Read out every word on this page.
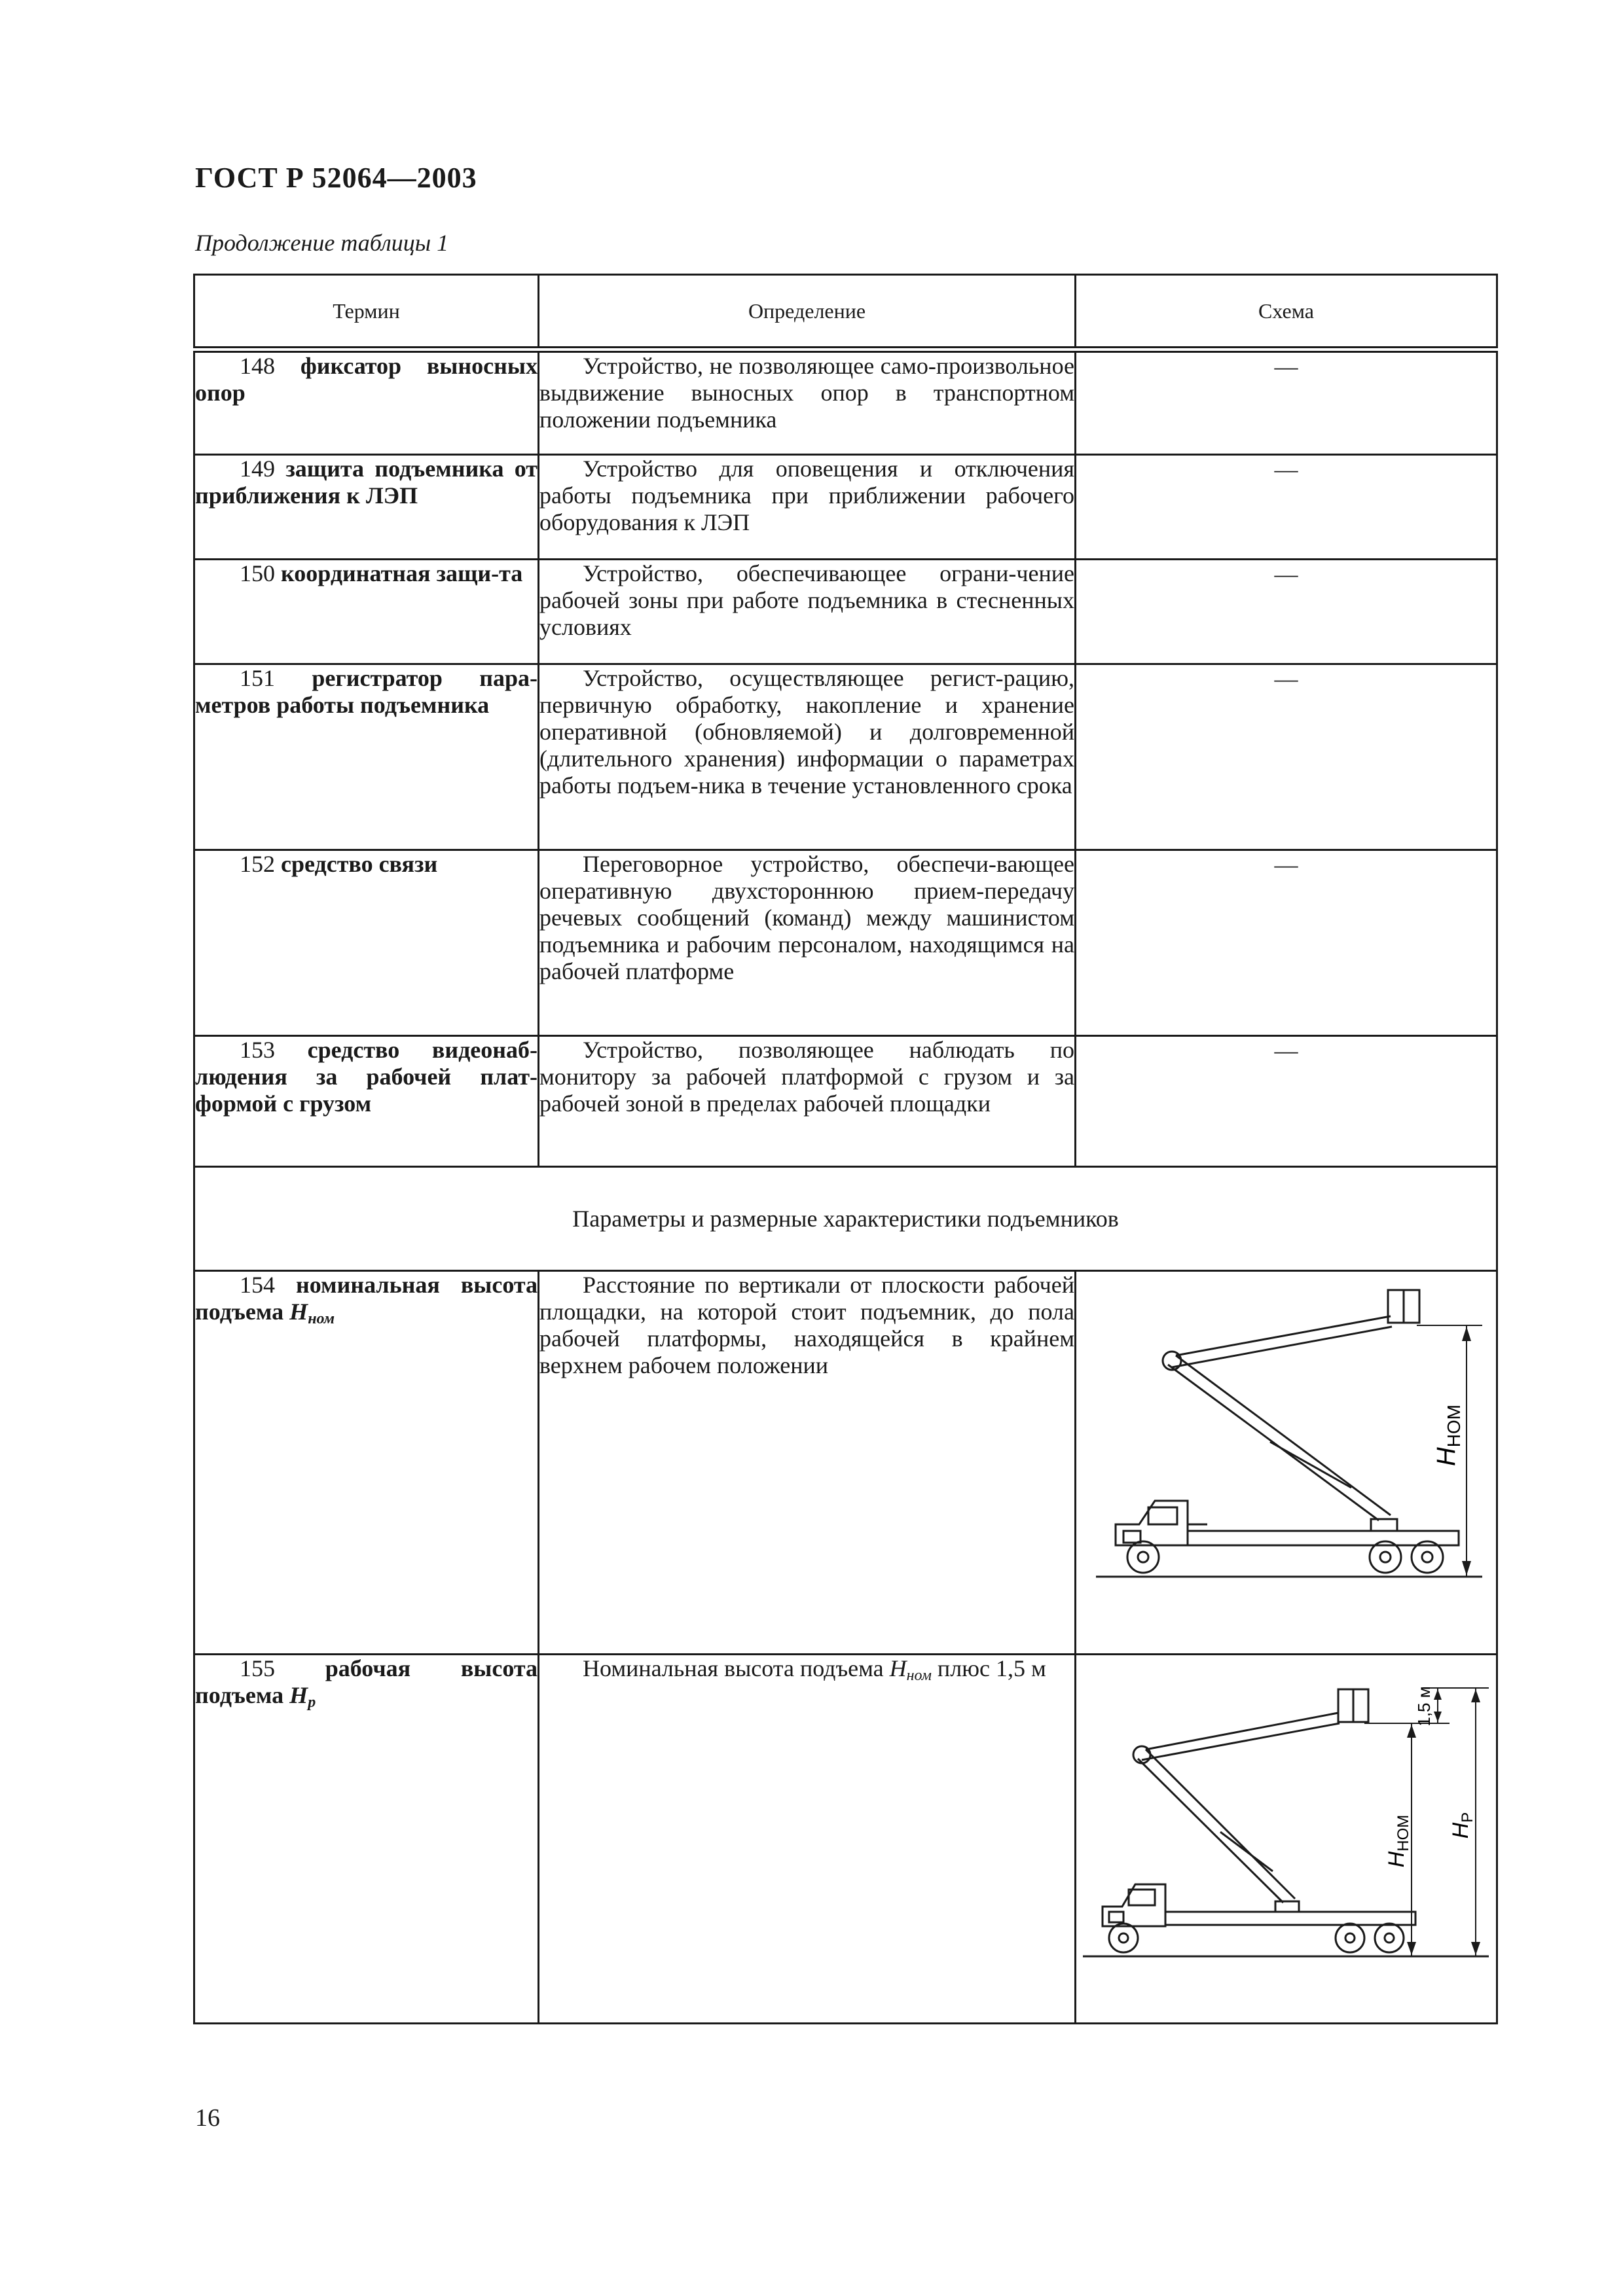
ГОСТ Р 52064—2003
Продолжение таблицы 1
Термин	Определение	Схема
148 фиксатор выносных опор	Устройство, не позволяющее само-произвольное выдвижение выносных опор в транспортном положении подъемника	—
149 защита подъемника от приближения к ЛЭП	Устройство для оповещения и отключения работы подъемника при приближении рабочего оборудования к ЛЭП	—
150 координатная защи-та	Устройство, обеспечивающее ограни-чение рабочей зоны при работе подъемника в стесненных условиях	—
151 регистратор пара-метров работы подъемника	Устройство, осуществляющее регист-рацию, первичную обработку, накопление и хранение оперативной (обновляемой) и долговременной (длительного хранения) информации о параметрах работы подъем-ника в течение установленного срока	—
152 средство связи	Переговорное устройство, обеспечи-вающее оперативную двухстороннюю прием-передачу речевых сообщений (команд) между машинистом подъемника и рабочим персоналом, находящимся на рабочей платформе	—
153 средство видеонаб-людения за рабочей плат-формой с грузом	Устройство, позволяющее наблюдать по монитору за рабочей платформой с грузом и за рабочей зоной в пределах рабочей площадки	—
Параметры и размерные характеристики подъемников		
154 номинальная высота подъема $H_{ном}$	Расстояние по вертикали от плоскости рабочей площадки, на которой стоит подъемник, до пола рабочей платформы, находящейся в крайнем верхнем рабочем положении	$H_{НОМ}$

155 рабочая высота подъема $H_р$	Номинальная высота подъема $H_{ном}$ плюс 1,5 м	1,5 м
$H_{НОМ}$ $H_Р$
16
